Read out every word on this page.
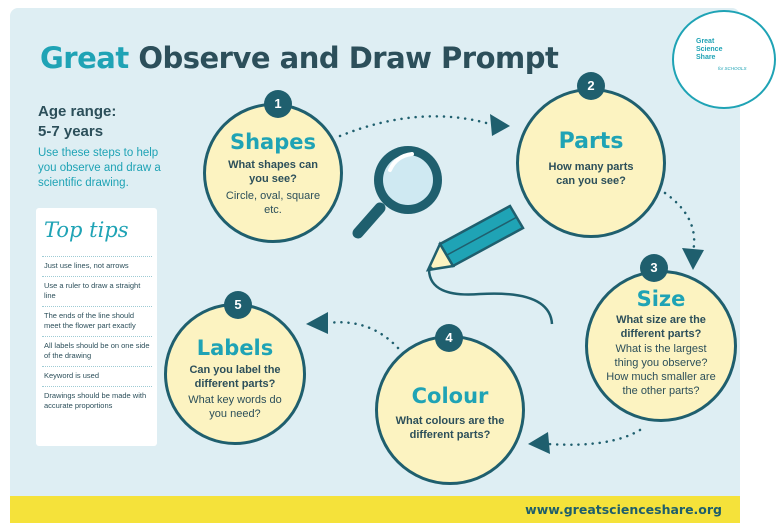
Great Observe and Draw Prompt	Great Science Share
for SCHOOLS
Age range:
5-7 years
Use these steps to help you observe and draw a scientific drawing.
Top tips
Just use lines, not arrows
Use a ruler to draw a straight line
The ends of the line should meet the flower part exactly
All labels should be on one side of the drawing
Keyword is used
Drawings should be made with accurate proportions
Shapes
What shapes can you see?
Circle, oval, square etc.
1
Parts
How many parts can you see?
2
Size
What size are the different parts?
What is the largest thing you observe? How much smaller are the other parts?
3
Colour
What colours are the different parts?
4
Labels
Can you label the different parts?
What key words do you need?
5
www.greatscienceshare.org
